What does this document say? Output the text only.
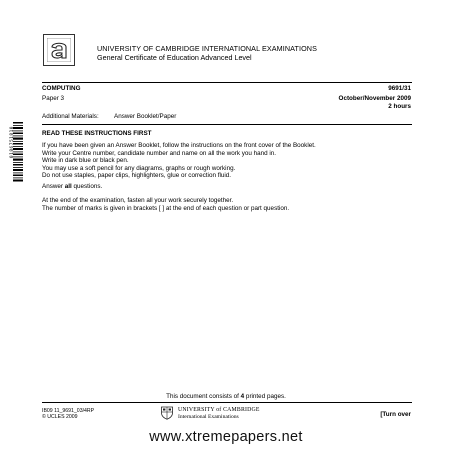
UNIVERSITY OF CAMBRIDGE INTERNATIONAL EXAMINATIONS
General Certificate of Education Advanced Level
COMPUTING	9691/31
Paper 3	October/November 2009
2 hours
Additional Materials: Answer Booklet/Paper
0186751810	READ THESE INSTRUCTIONS FIRST
If you have been given an Answer Booklet, follow the instructions on the front cover of the Booklet.
Write your Centre number, candidate number and name on all the work you hand in.
Write in dark blue or black pen.
You may use a soft pencil for any diagrams, graphs or rough working.
Do not use staples, paper clips, highlighters, glue or correction fluid.
Answer all questions.
At the end of the examination, fasten all your work securely together.
The number of marks is given in brackets [ ] at the end of each question or part question.
This document consists of 4 printed pages.
IB09 11_9691_03/4RP
© UCLES 2009
UNIVERSITY of CAMBRIDGE
International Examinations	[Turn over
www.xtremepapers.net
